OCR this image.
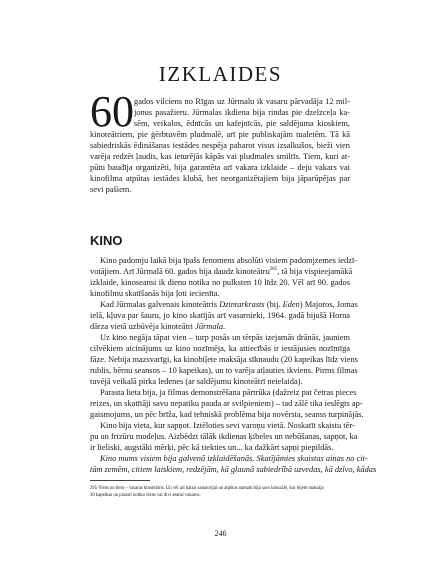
IZKLAIDES
60 gados vilciens no Rīgas uz Jūrmalu ik vasaru pārvadāja 12 mil-
jonus pasažieru. Jūrmalas ikdiena bija rindas pie dzelzceļa ka-
sēm, veikalos, ēdnīcās un kafejnīcās, pie saldējuma kioskiem,
kinoteātriem, pie ģērbtuvēm pludmalē, arī pie publiskajām tualetēm. Tā kā
sabiedriskās ēdināšanas iestādes nespēja pabarot visus izsalkušos, bieži vien
varēja redzēt ļaudis, kas ieturējās kāpās vai pludmales smiltīs. Tiem, kuri at-
pūtu baudīja organizēti, bija garantēta arī vakara izklaide – deju vakars vai
kinofilma atpūtas iestādes klubā, bet neorganizētajiem bija jāparūpējas par
sevi pašiem.
KINO
Kino padomju laikā bija īpašs fenomens absolūti visiem padomjzemes iedzī-
votājiem. Arī Jūrmalā 60. gados bija daudz kinoteātru$^{285}$, tā bija vispieejamākā
izklaide, kinoseansi ik dienu notika no pulksten 10 līdz 20. Vēl arī 90. gados
kinofilmu skatīšanās bija ļoti iecienīta.
Kad Jūrmalas galvenais kinoteātris Dzintarkrasts (bij. Eden) Majoros, Jomas
ielā, kļuva par šauru, jo kino skatījās arī vasarnieki, 1964. gadā bijušā Horna
dārza vietā uzbūvēja kinoteātri Jūrmala.
Uz kino negāja tāpat vien – turp posās un tērpās izejamās drānās, jauniem
cilvēkiem aicinājums uz kino nozīmēja, ka attiecībās ir iestājusies nozīmīga
fāze. Nebija mazsvarīgi, ka kinobiļete maksāja sīknaudu (20 kapeikas līdz viens
rublis, bērnu seansos – 10 kapeikas), un to varēja atļauties ikviens. Pirms filmas
tuvējā veikalā pirka ledenes (ar saldējumu kinoteātrī neielaida).
Parasta lieta bija, ja filmas demonstrēšana pārtrūka (dažreiz pat četras pieces
reizes, un skatītāji savu nepatiku pauda ar svilpieniem) – tad zālē tika ieslēgts ap-
gaismojums, un pēc brīža, kad tehniskā problēma bija novērsta, seanss turpinājās.
Kino bija vieta, kur sapņot. Iztēloties sevi varoņu vietā. Noskatīt skaistu tēr-
pu un frizūru modeļus. Aizbēdzt tālāk ikdienas ķibeles un nebūšanas, sapņot, ka
ir lieliski, augstāki mērķi, pēc kā tiekties un... ka dažkārt sapņi piepildās.
Kino mums visiem bija galvenā izklaidēšanās. Skatījāmies skaistas ainas no cit-
tām zemēm, citiem laiskiem, redzējām, kā glaunā sabiedrībā uzvedas, kā dzīvo, kādas
285 Viens no tiem – vasaras kinoteātris. Un vēl arī katrai sanatorijai un atpūtas namam bija savs kinozālē, kur bijete maksāja
30 kapeikas un parasti notika viens vai divi seansi vakarus.
246
